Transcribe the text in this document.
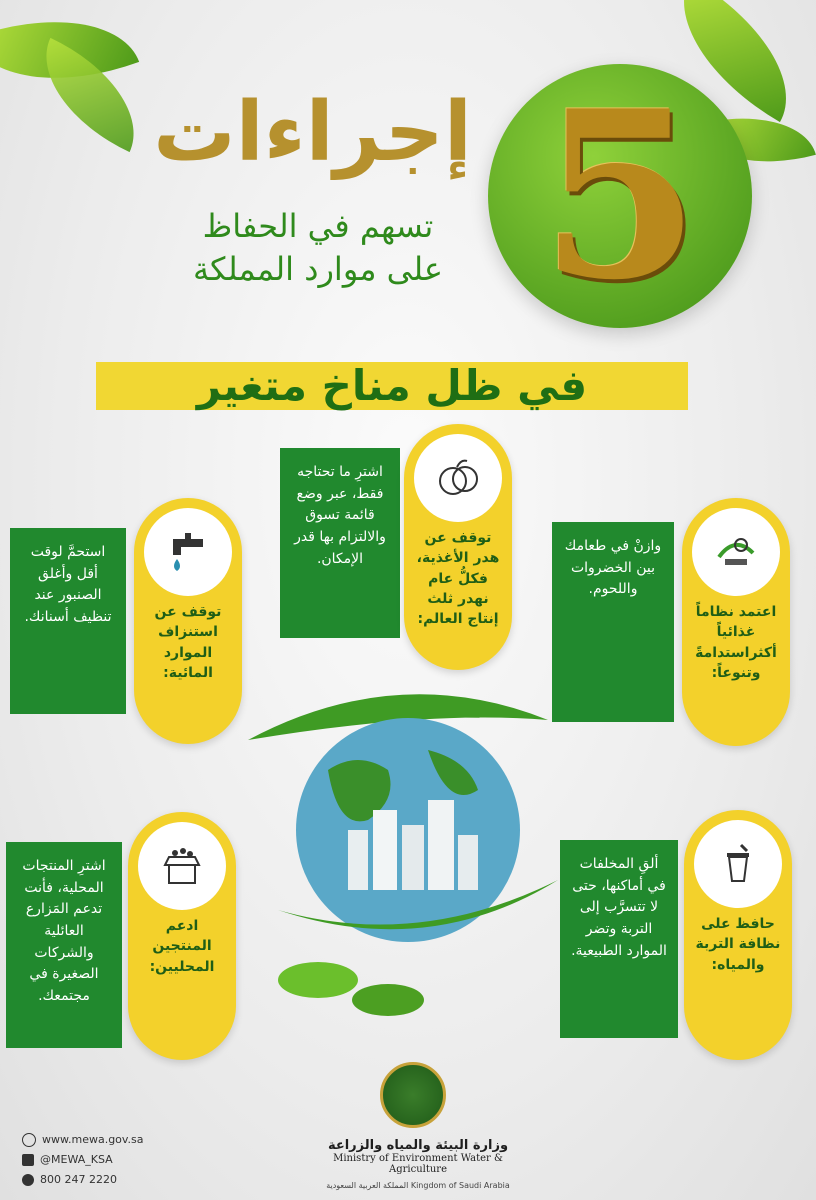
5
إجراءات
تسهم في الحفاظ
على موارد المملكة
في ظل مناخ متغير
اشترِ ما تحتاجه فقط، عبر وضع قائمة تسوق والالتزام بها قدر الإمكان.
توقف عن هدر الأغذية، فكلُّ عام نهدر ثلث إنتاج العالم:
استحمَّ لوقت أقل وأغلق الصنبور عند تنظيف أسنانك.	توقف عن استنزاف الموارد المائية:
وازنْ في طعامك بين الخضروات واللحوم.
اعتمد نظاماً غذائياً أكثراستدامةً وتنوعاً:
اشترِ المنتجات المحلية، فأنت تدعم المَزارع العائلية والشركات الصغيرة في مجتمعك.
ادعم المنتجين المحليين:
ألقِ المخلفات في أماكنها، حتى لا تتسرَّب إلى التربة وتضر الموارد الطبيعية.
حافظ على نظافة التربة والمياه:
www.mewa.gov.sa
@MEWA_KSA
800 247 2220
وزارة البيئة والمياه والزراعة
Ministry of Environment Water & Agriculture
Kingdom of Saudi Arabia المملكة العربية السعودية
